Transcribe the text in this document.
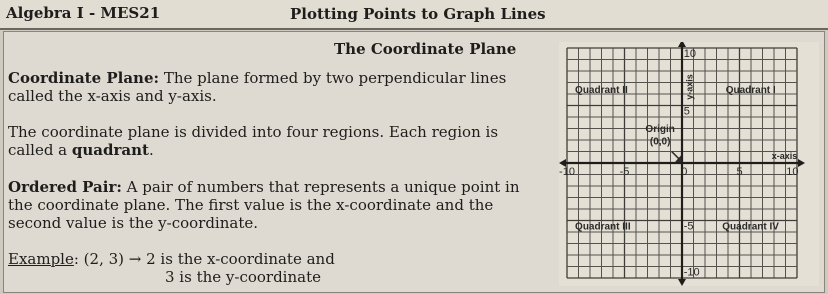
Algebra I - MES21	Plotting Points to Graph Lines
The Coordinate Plane
Coordinate Plane: The plane formed by two perpendicular lines called the x-axis and y-axis.
The coordinate plane is divided into four regions. Each region is called a quadrant.
Ordered Pair: A pair of numbers that represents a unique point in the coordinate plane. The first value is the x-coordinate and the second value is the y-coordinate.
Example: (2, 3) → 2 is the x-coordinate and
3 is the y-coordinate
Quadrant II	Quadrant I
Quadrant III	Quadrant IV
Origin
(0,0)
x-axis
y-axis
-10	-5	0	5	10
10
5
-5
-10
